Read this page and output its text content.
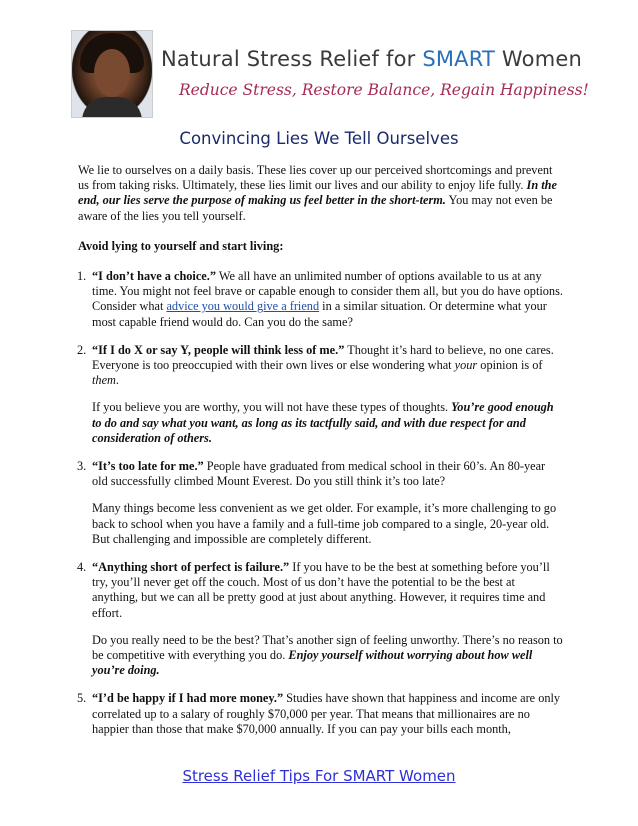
Natural Stress Relief for SMART Women
Reduce Stress, Restore Balance, Regain Happiness!
Convincing Lies We Tell Ourselves

We lie to ourselves on a daily basis. These lies cover up our perceived shortcomings and prevent us from taking risks. Ultimately, these lies limit our lives and our ability to enjoy life fully. In the end, our lies serve the purpose of making us feel better in the short-term. You may not even be aware of the lies you tell yourself.

Avoid lying to yourself and start living:

1. “I don’t have a choice.” We all have an unlimited number of options available to us at any time. You might not feel brave or capable enough to consider them all, but you do have options. Consider what advice you would give a friend in a similar situation. Or determine what your most capable friend would do. Can you do the same?

2. “If I do X or say Y, people will think less of me.” Thought it’s hard to believe, no one cares. Everyone is too preoccupied with their own lives or else wondering what your opinion is of them.

If you believe you are worthy, you will not have these types of thoughts. You’re good enough to do and say what you want, as long as its tactfully said, and with due respect for and consideration of others.

3. “It’s too late for me.” People have graduated from medical school in their 60’s. An 80-year old successfully climbed Mount Everest. Do you still think it’s too late?

Many things become less convenient as we get older. For example, it’s more challenging to go back to school when you have a family and a full-time job compared to a single, 20-year old. But challenging and impossible are completely different.

4. “Anything short of perfect is failure.” If you have to be the best at something before you’ll try, you’ll never get off the couch. Most of us don’t have the potential to be the best at anything, but we can all be pretty good at just about anything. However, it requires time and effort.

Do you really need to be the best? That’s another sign of feeling unworthy. There’s no reason to be competitive with everything you do. Enjoy yourself without worrying about how well you’re doing.

5. “I’d be happy if I had more money.” Studies have shown that happiness and income are only correlated up to a salary of roughly $70,000 per year. That means that millionaires are no happier than those that make $70,000 annually. If you can pay your bills each month,

Stress Relief Tips For SMART Women
